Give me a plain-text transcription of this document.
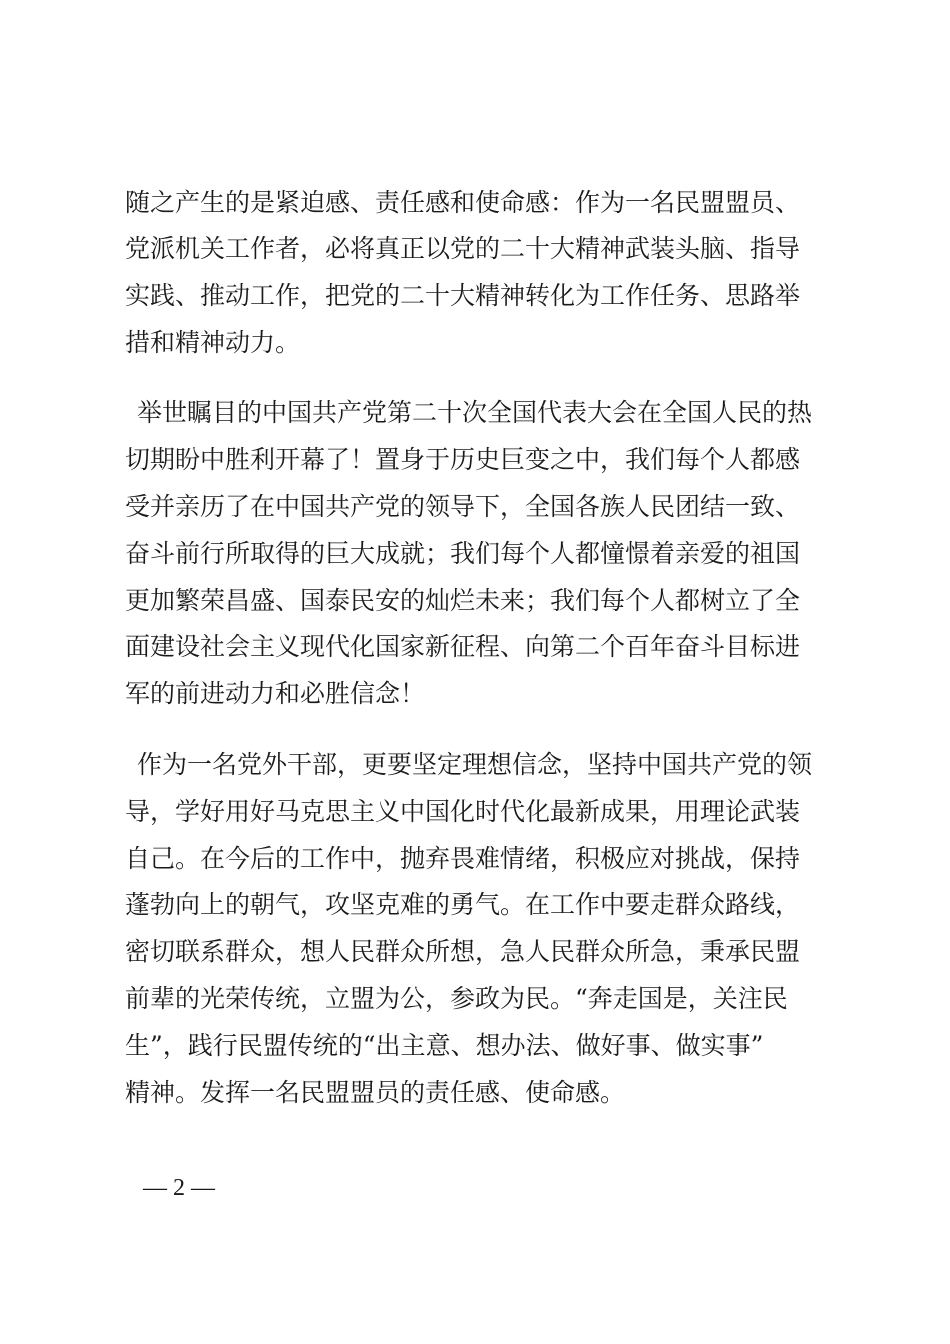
随之产生的是紧迫感、责任感和使命感：作为一名民盟盟员、

党派机关工作者，必将真正以党的二十大精神武装头脑、指导

实践、推动工作，把党的二十大精神转化为工作任务、思路举

措和精神动力。

举世瞩目的中国共产党第二十次全国代表大会在全国人民的热

切期盼中胜利开幕了！置身于历史巨变之中，我们每个人都感

受并亲历了在中国共产党的领导下，全国各族人民团结一致、

奋斗前行所取得的巨大成就；我们每个人都憧憬着亲爱的祖国

更加繁荣昌盛、国泰民安的灿烂未来；我们每个人都树立了全

面建设社会主义现代化国家新征程、向第二个百年奋斗目标进

军的前进动力和必胜信念！

作为一名党外干部，更要坚定理想信念，坚持中国共产党的领

导，学好用好马克思主义中国化时代化最新成果，用理论武装

自己。在今后的工作中，抛弃畏难情绪，积极应对挑战，保持

蓬勃向上的朝气，攻坚克难的勇气。在工作中要走群众路线，

密切联系群众，想人民群众所想，急人民群众所急，秉承民盟

前辈的光荣传统，立盟为公，参政为民。“奔走国是，关注民

生”，践行民盟传统的“出主意、想办法、做好事、做实事”

精神。发挥一名民盟盟员的责任感、使命感。

— 2 —
